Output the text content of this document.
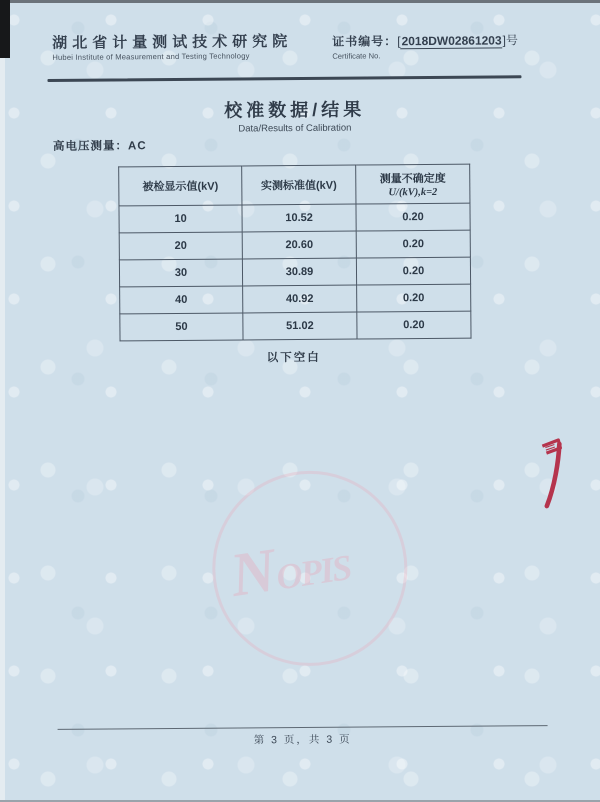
湖北省计量测试技术研究院
Hubei Institute of Measurement and Testing Technology
证书编号：[2018DW02861203]号
Certificate No.
校准数据/结果
Data/Results of Calibration
高电压测量：AC
被检显示值(kV)	实测标准值(kV)	测量不确定度
U/(kV),k=2

10	10.52	0.20
20	20.60	0.20
30	30.89	0.20
40	40.92	0.20
50	51.02	0.20
以下空白
NOPIS
第 3 页，共 3 页
